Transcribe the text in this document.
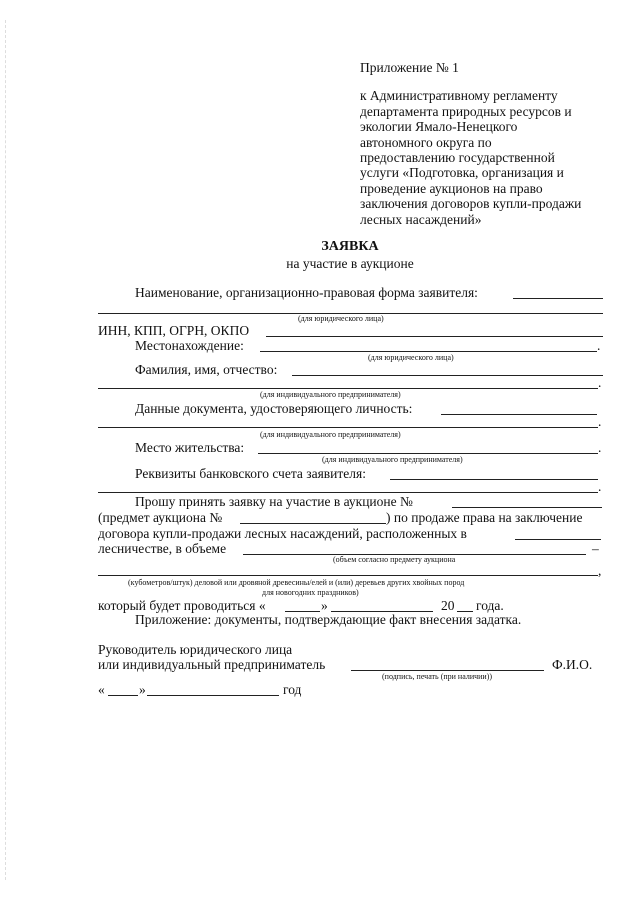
Приложение № 1

к Административному регламенту

департамента природных ресурсов и

экологии Ямало-Ненецкого

автономного округа по

предоставлению государственной

услуги «Подготовка, организация и

проведение аукционов на право

заключения договоров купли-продажи

лесных насаждений»

ЗАЯВКА
на участие в аукционе
Наименование, организационно-правовая форма заявителя:
(для юридического лица)
ИНН, КПП, ОГРН, ОКПО
Местонахождение:	.
(для юридического лица)
Фамилия, имя, отчество:
.
(для индивидуального предпринимателя)
Данные документа, удостоверяющего личность:
.
(для индивидуального предпринимателя)
Место жительства:	.
(для индивидуального предпринимателя)
Реквизиты банковского счета заявителя:
.
Прошу принять заявку на участие в аукционе №
(предмет аукциона №	) по продаже права на заключение
договора купли-продажи лесных насаждений, расположенных в
лесничестве, в объеме	–
(объем согласно предмету аукциона
,
(кубометров/штук) деловой или дровяной древесины/елей и (или) деревьев других хвойных пород
для новогодних праздников)
который будет проводиться «	»	20 года.
Приложение: документы, подтверждающие факт внесения задатка.
Руководитель юридического лица
или индивидуальный предприниматель	Ф.И.О.
(подпись, печать (при наличии))
«	»	год
